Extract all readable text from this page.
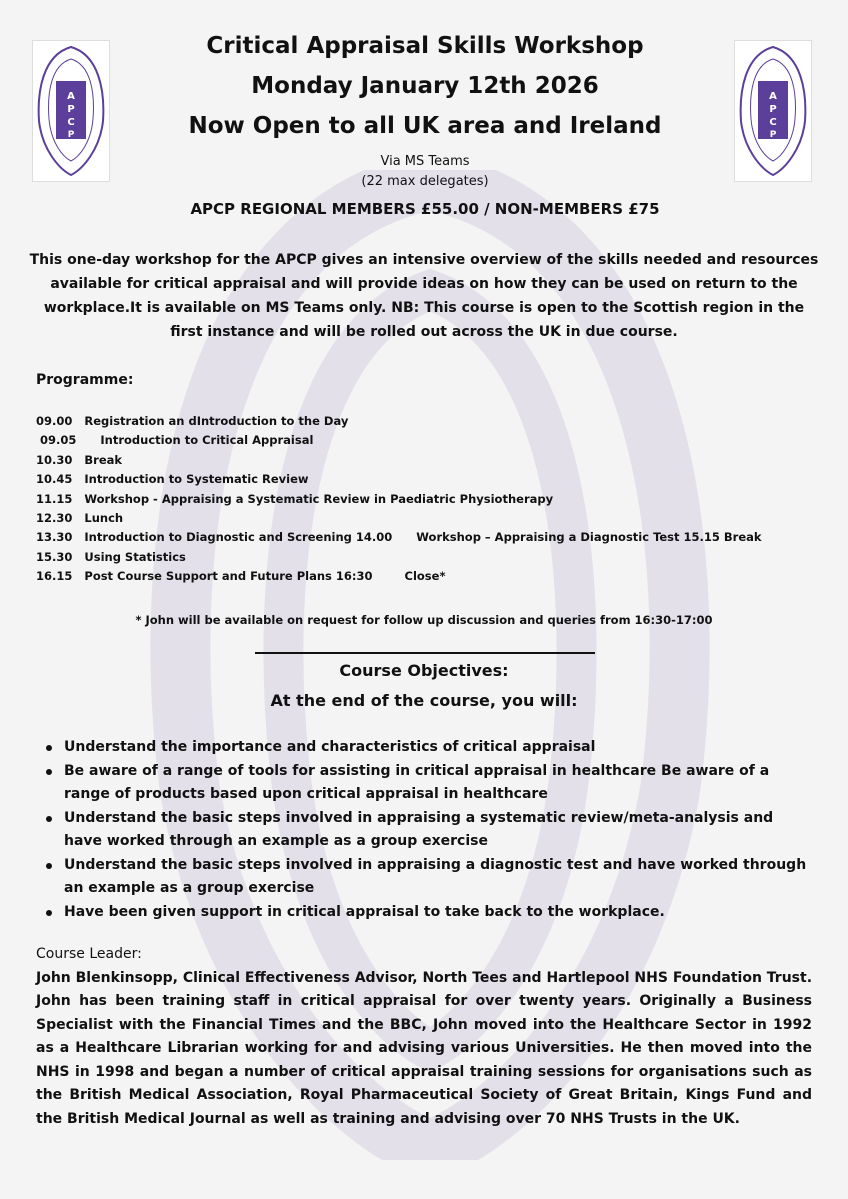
A
P
C
P
A
P
C
P
Critical Appraisal Skills Workshop
Monday January 12th 2026
Now Open to all UK area and Ireland
Via MS Teams
(22 max delegates)
APCP REGIONAL MEMBERS £55.00 / NON-MEMBERS £75
This one-day workshop for the APCP gives an intensive overview of the skills needed and resources available for critical appraisal and will provide ideas on how they can be used on return to the workplace.It is available on MS Teams only. NB: This course is open to the Scottish region in the first instance and will be rolled out across the UK in due course.
Programme:
09.00   Registration an dIntroduction to the Day
09.05      Introduction to Critical Appraisal
10.30   Break
10.45   Introduction to Systematic Review
11.15   Workshop - Appraising a Systematic Review in Paediatric Physiotherapy
12.30   Lunch
13.30   Introduction to Diagnostic and Screening 14.00      Workshop – Appraising a Diagnostic Test 15.15 Break
15.30   Using Statistics
16.15   Post Course Support and Future Plans 16:30        Close*
* John will be available on request for follow up discussion and queries from 16:30-17:00
Course Objectives:
At the end of the course, you will:
Understand the importance and characteristics of critical appraisal
Be aware of a range of tools for assisting in critical appraisal in healthcare Be aware of a range of products based upon critical appraisal in healthcare
Understand the basic steps involved in appraising a systematic review/meta-analysis and have worked through an example as a group exercise
Understand the basic steps involved in appraising a diagnostic test and have worked through an example as a group exercise
Have been given support in critical appraisal to take back to the workplace.
Course Leader:
John Blenkinsopp, Clinical Effectiveness Advisor, North Tees and Hartlepool NHS Foundation Trust.
John has been training staff in critical appraisal for over twenty years. Originally a Business Specialist with the Financial Times and the BBC, John moved into the Healthcare Sector in 1992 as a Healthcare Librarian working for and advising various Universities. He then moved into the NHS in 1998 and began a number of critical appraisal training sessions for organisations such as the British Medical Association, Royal Pharmaceutical Society of Great Britain, Kings Fund and the British Medical Journal as well as training and advising over 70 NHS Trusts in the UK.
